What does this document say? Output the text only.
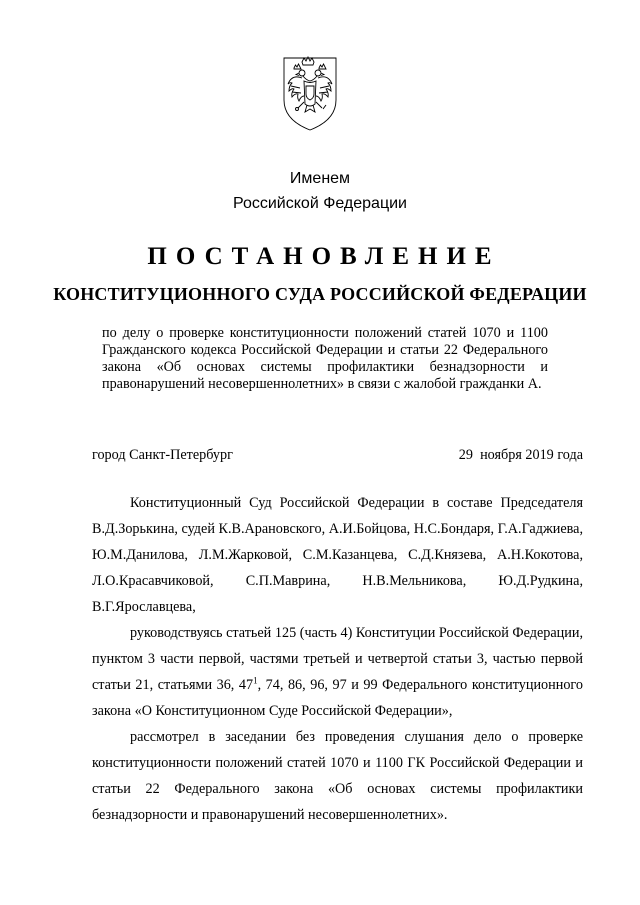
Именем
Российской Федерации
ПОСТАНОВЛЕНИЕ
КОНСТИТУЦИОННОГО СУДА РОССИЙСКОЙ ФЕДЕРАЦИИ

по делу о проверке конституционности положений статей 1070 и 1100 Гражданского кодекса Российской Федерации и статьи 22 Федерального закона «Об основах системы профилактики безнадзорности и правонарушений несовершеннолетних» в связи с жалобой гражданки А.

город Санкт-Петербург	29  ноября 2019 года

Конституционный Суд Российской Федерации в составе Председателя В.Д.Зорькина, судей К.В.Арановского, А.И.Бойцова, Н.С.Бондаря, Г.А.Гаджиева, Ю.М.Данилова, Л.М.Жарковой, С.М.Казанцева, С.Д.Князева, А.Н.Кокотова, Л.О.Красавчиковой, С.П.Маврина, Н.В.Мельникова, Ю.Д.Рудкина, В.Г.Ярославцева,

руководствуясь статьей 125 (часть 4) Конституции Российской Федерации, пунктом 3 части первой, частями третьей и четвертой статьи 3, частью первой статьи 21, статьями 36, $47^1$, 74, 86, 96, 97 и 99 Федерального конституционного закона «О Конституционном Суде Российской Федерации»,

рассмотрел в заседании без проведения слушания дело о проверке конституционности положений статей 1070 и 1100 ГК Российской Федерации и статьи 22 Федерального закона «Об основах системы профилактики безнадзорности и правонарушений несовершеннолетних».
